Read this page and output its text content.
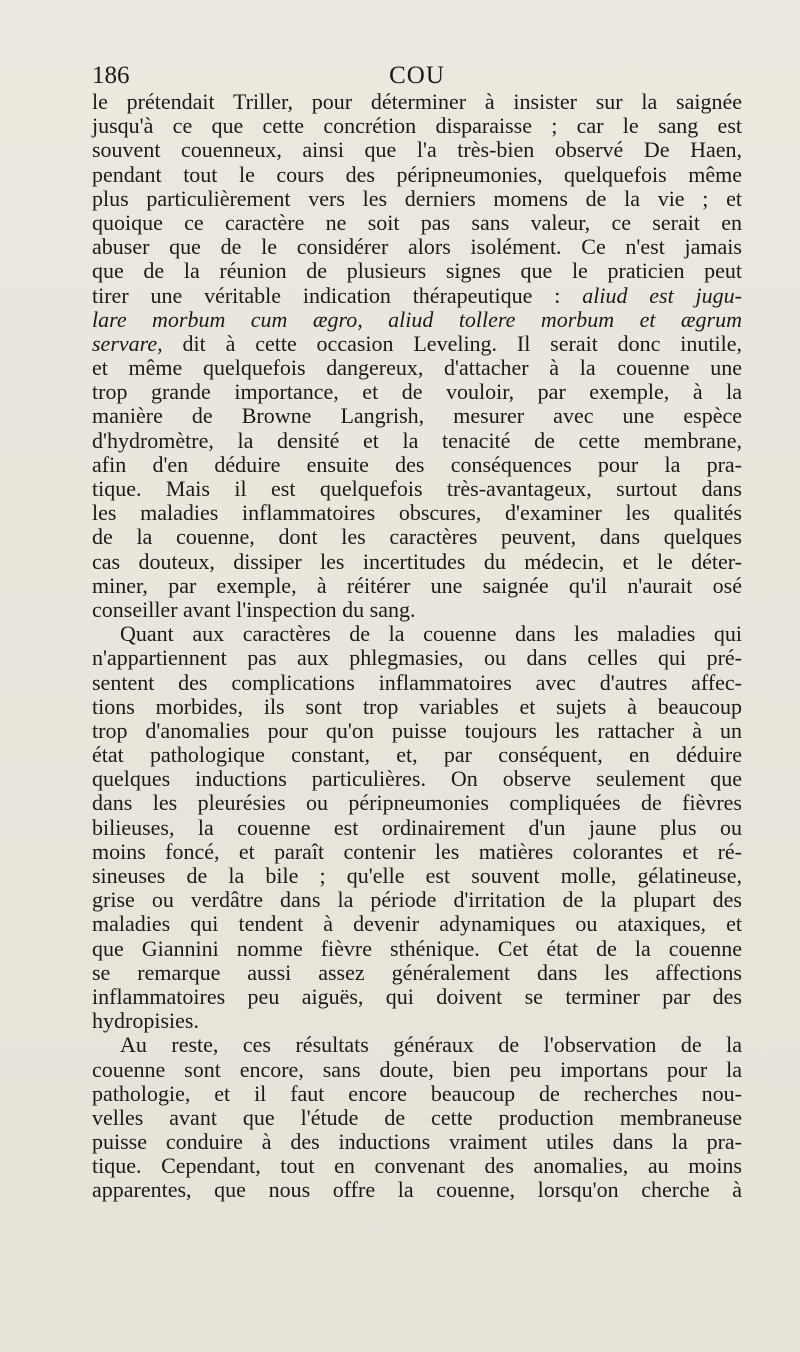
186	COU
le prétendait Triller, pour déterminer à insister sur la saignée
jusqu'à ce que cette concrétion disparaisse ; car le sang est
souvent couenneux, ainsi que l'a très-bien observé De Haen,
pendant tout le cours des péripneumonies, quelquefois même
plus particulièrement vers les derniers momens de la vie ; et
quoique ce caractère ne soit pas sans valeur, ce serait en
abuser que de le considérer alors isolément. Ce n'est jamais
que de la réunion de plusieurs signes que le praticien peut
tirer une véritable indication thérapeutique : aliud est jugu-
lare morbum cum ægro, aliud tollere morbum et ægrum
servare, dit à cette occasion Leveling. Il serait donc inutile,
et même quelquefois dangereux, d'attacher à la couenne une
trop grande importance, et de vouloir, par exemple, à la
manière de Browne Langrish, mesurer avec une espèce
d'hydromètre, la densité et la tenacité de cette membrane,
afin d'en déduire ensuite des conséquences pour la pra-
tique. Mais il est quelquefois très-avantageux, surtout dans
les maladies inflammatoires obscures, d'examiner les qualités
de la couenne, dont les caractères peuvent, dans quelques
cas douteux, dissiper les incertitudes du médecin, et le déter-
miner, par exemple, à réitérer une saignée qu'il n'aurait osé
conseiller avant l'inspection du sang.
Quant aux caractères de la couenne dans les maladies qui
n'appartiennent pas aux phlegmasies, ou dans celles qui pré-
sentent des complications inflammatoires avec d'autres affec-
tions morbides, ils sont trop variables et sujets à beaucoup
trop d'anomalies pour qu'on puisse toujours les rattacher à un
état pathologique constant, et, par conséquent, en déduire
quelques inductions particulières. On observe seulement que
dans les pleurésies ou péripneumonies compliquées de fièvres
bilieuses, la couenne est ordinairement d'un jaune plus ou
moins foncé, et paraît contenir les matières colorantes et ré-
sineuses de la bile ; qu'elle est souvent molle, gélatineuse,
grise ou verdâtre dans la période d'irritation de la plupart des
maladies qui tendent à devenir adynamiques ou ataxiques, et
que Giannini nomme fièvre sthénique. Cet état de la couenne
se remarque aussi assez généralement dans les affections
inflammatoires peu aiguës, qui doivent se terminer par des
hydropisies.
Au reste, ces résultats généraux de l'observation de la
couenne sont encore, sans doute, bien peu importans pour la
pathologie, et il faut encore beaucoup de recherches nou-
velles avant que l'étude de cette production membraneuse
puisse conduire à des inductions vraiment utiles dans la pra-
tique. Cependant, tout en convenant des anomalies, au moins
apparentes, que nous offre la couenne, lorsqu'on cherche à
